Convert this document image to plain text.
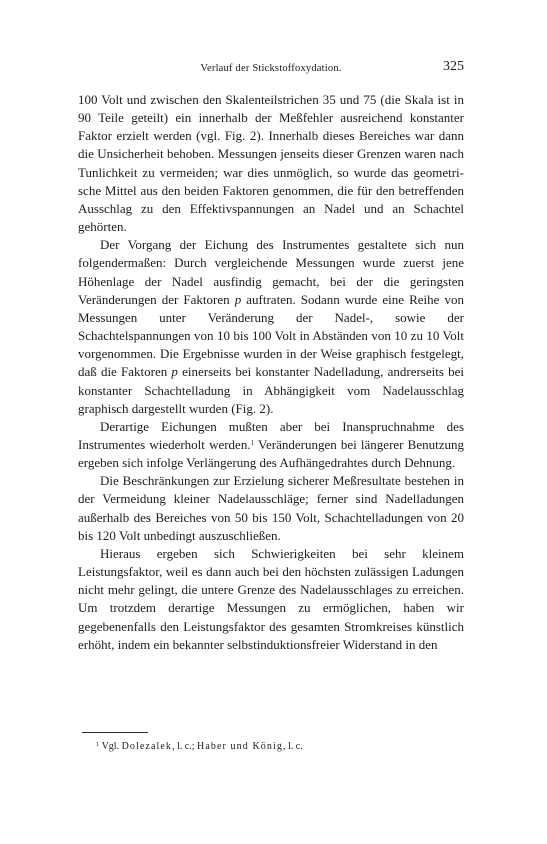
Verlauf der Stickstoffoxydation.	325

100 Volt und zwischen den Skalenteilstrichen 35 und 75 (die Skala ist in 90 Teile geteilt) ein innerhalb der Meßfehler ausreichend konstanter Faktor erzielt werden (vgl. Fig. 2). Innerhalb dieses Bereiches war dann die Unsicherheit behoben. Messungen jenseits dieser Grenzen waren nach Tunlichkeit zu vermeiden; war dies unmöglich, so wurde das geometrische Mittel aus den beiden Faktoren genommen, die für den betreffenden Ausschlag zu den Effektivspannungen an Nadel und an Schachtel gehörten.

Der Vorgang der Eichung des Instrumentes gestaltete sich nun folgendermaßen: Durch vergleichende Messungen wurde zuerst jene Höhenlage der Nadel ausfindig gemacht, bei der die geringsten Veränderungen der Faktoren p auftraten. Sodann wurde eine Reihe von Messungen unter Veränderung der Nadel-, sowie der Schachtelspannungen von 10 bis 100 Volt in Abständen von 10 zu 10 Volt vorgenommen. Die Ergebnisse wurden in der Weise graphisch festgelegt, daß die Faktoren p einerseits bei konstanter Nadelladung, andrerseits bei konstanter Schachtelladung in Abhängigkeit vom Nadelausschlag graphisch dargestellt wurden (Fig. 2).

Derartige Eichungen mußten aber bei Inanspruchnahme des Instrumentes wiederholt werden.$^1$ Veränderungen bei längerer Benutzung ergeben sich infolge Verlängerung des Aufhängedrahtes durch Dehnung.

Die Beschränkungen zur Erzielung sicherer Meßresultate bestehen in der Vermeidung kleiner Nadelausschläge; ferner sind Nadelladungen außerhalb des Bereiches von 50 bis 150 Volt, Schachtelladungen von 20 bis 120 Volt unbedingt auszuschließen.

Hieraus ergeben sich Schwierigkeiten bei sehr kleinem Leistungsfaktor, weil es dann auch bei den höchsten zulässigen Ladungen nicht mehr gelingt, die untere Grenze des Nadelausschlages zu erreichen. Um trotzdem derartige Messungen zu ermöglichen, haben wir gegebenenfalls den Leistungsfaktor des gesamten Stromkreises künstlich erhöht, indem ein bekannter selbstinduktionsfreier Widerstand in den

$^1$ Vgl. Dolezalek, l. c.; Haber und König, l. c.
